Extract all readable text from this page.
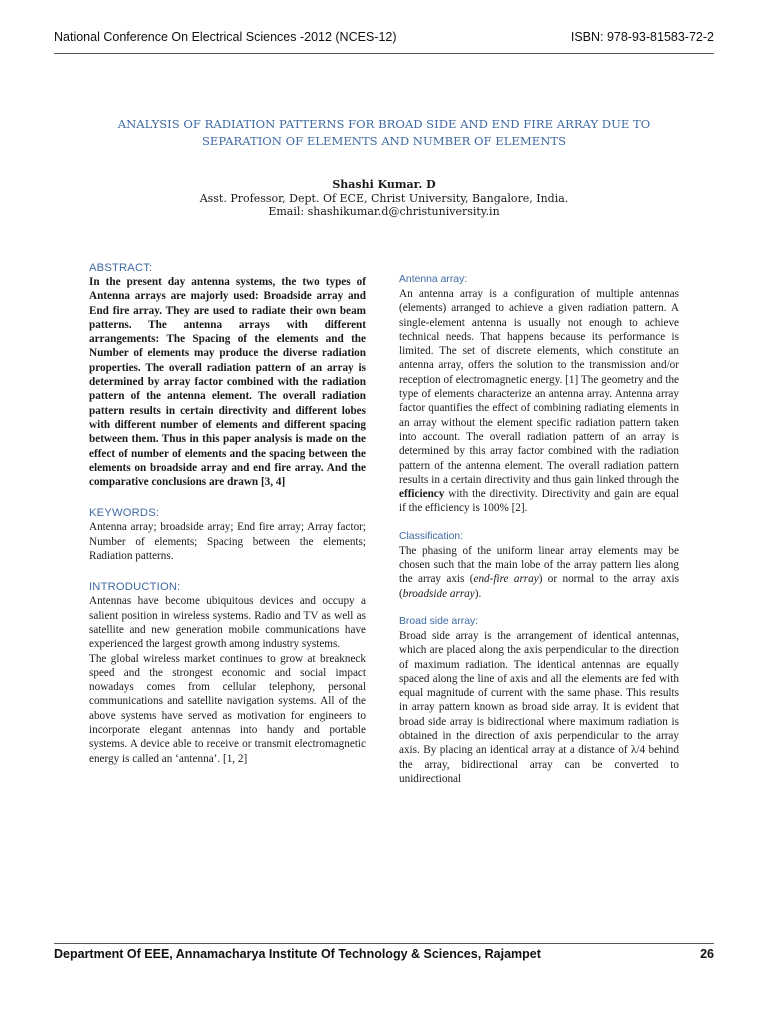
National Conference On Electrical Sciences -2012 (NCES-12)	ISBN: 978-93-81583-72-2
ANALYSIS OF RADIATION PATTERNS FOR BROAD SIDE AND END FIRE ARRAY DUE TO
SEPARATION OF ELEMENTS AND NUMBER OF ELEMENTS
Shashi Kumar. D
Asst. Professor, Dept. Of ECE, Christ University, Bangalore, India.
Email: shashikumar.d@christuniversity.in
ABSTRACT:

In the present day antenna systems, the two types of Antenna arrays are majorly used: Broadside array and End fire array. They are used to radiate their own beam patterns. The antenna arrays with different arrangements: The Spacing of the elements and the Number of elements may produce the diverse radiation properties. The overall radiation pattern of an array is determined by array factor combined with the radiation pattern of the antenna element. The overall radiation pattern results in certain directivity and different lobes with different number of elements and different spacing between them. Thus in this paper analysis is made on the effect of number of elements and the spacing between the elements on broadside array and end fire array. And the comparative conclusions are drawn [3, 4]

KEYWORDS:

Antenna array; broadside array; End fire array; Array factor; Number of elements; Spacing between the elements; Radiation patterns.

INTRODUCTION:

Antennas have become ubiquitous devices and occupy a salient position in wireless systems. Radio and TV as well as satellite and new generation mobile communications have experienced the largest growth among industry systems.

The global wireless market continues to grow at breakneck speed and the strongest economic and social impact nowadays comes from cellular telephony, personal communications and satellite navigation systems. All of the above systems have served as motivation for engineers to incorporate elegant antennas into handy and portable systems. A device able to receive or transmit electromagnetic energy is called an ‘antenna’. [1, 2]

Antenna array:

An antenna array is a configuration of multiple antennas (elements) arranged to achieve a given radiation pattern. A single-element antenna is usually not enough to achieve technical needs. That happens because its performance is limited. The set of discrete elements, which constitute an antenna array, offers the solution to the transmission and/or reception of electromagnetic energy. [1] The geometry and the type of elements characterize an antenna array. Antenna array factor quantifies the effect of combining radiating elements in an array without the element specific radiation pattern taken into account. The overall radiation pattern of an array is determined by this array factor combined with the radiation pattern of the antenna element. The overall radiation pattern results in a certain directivity and thus gain linked through the efficiency with the directivity. Directivity and gain are equal if the efficiency is 100% [2].

Classification:

The phasing of the uniform linear array elements may be chosen such that the main lobe of the array pattern lies along the array axis (end-fire array) or normal to the array axis (broadside array).

Broad side array:

Broad side array is the arrangement of identical antennas, which are placed along the axis perpendicular to the direction of maximum radiation. The identical antennas are equally spaced along the line of axis and all the elements are fed with equal magnitude of current with the same phase. This results in array pattern known as broad side array. It is evident that broad side array is bidirectional where maximum radiation is obtained in the direction of axis perpendicular to the array axis. By placing an identical array at a distance of λ/4 behind the array, bidirectional array can be converted to unidirectional

Department Of EEE, Annamacharya Institute Of Technology & Sciences, Rajampet	26
